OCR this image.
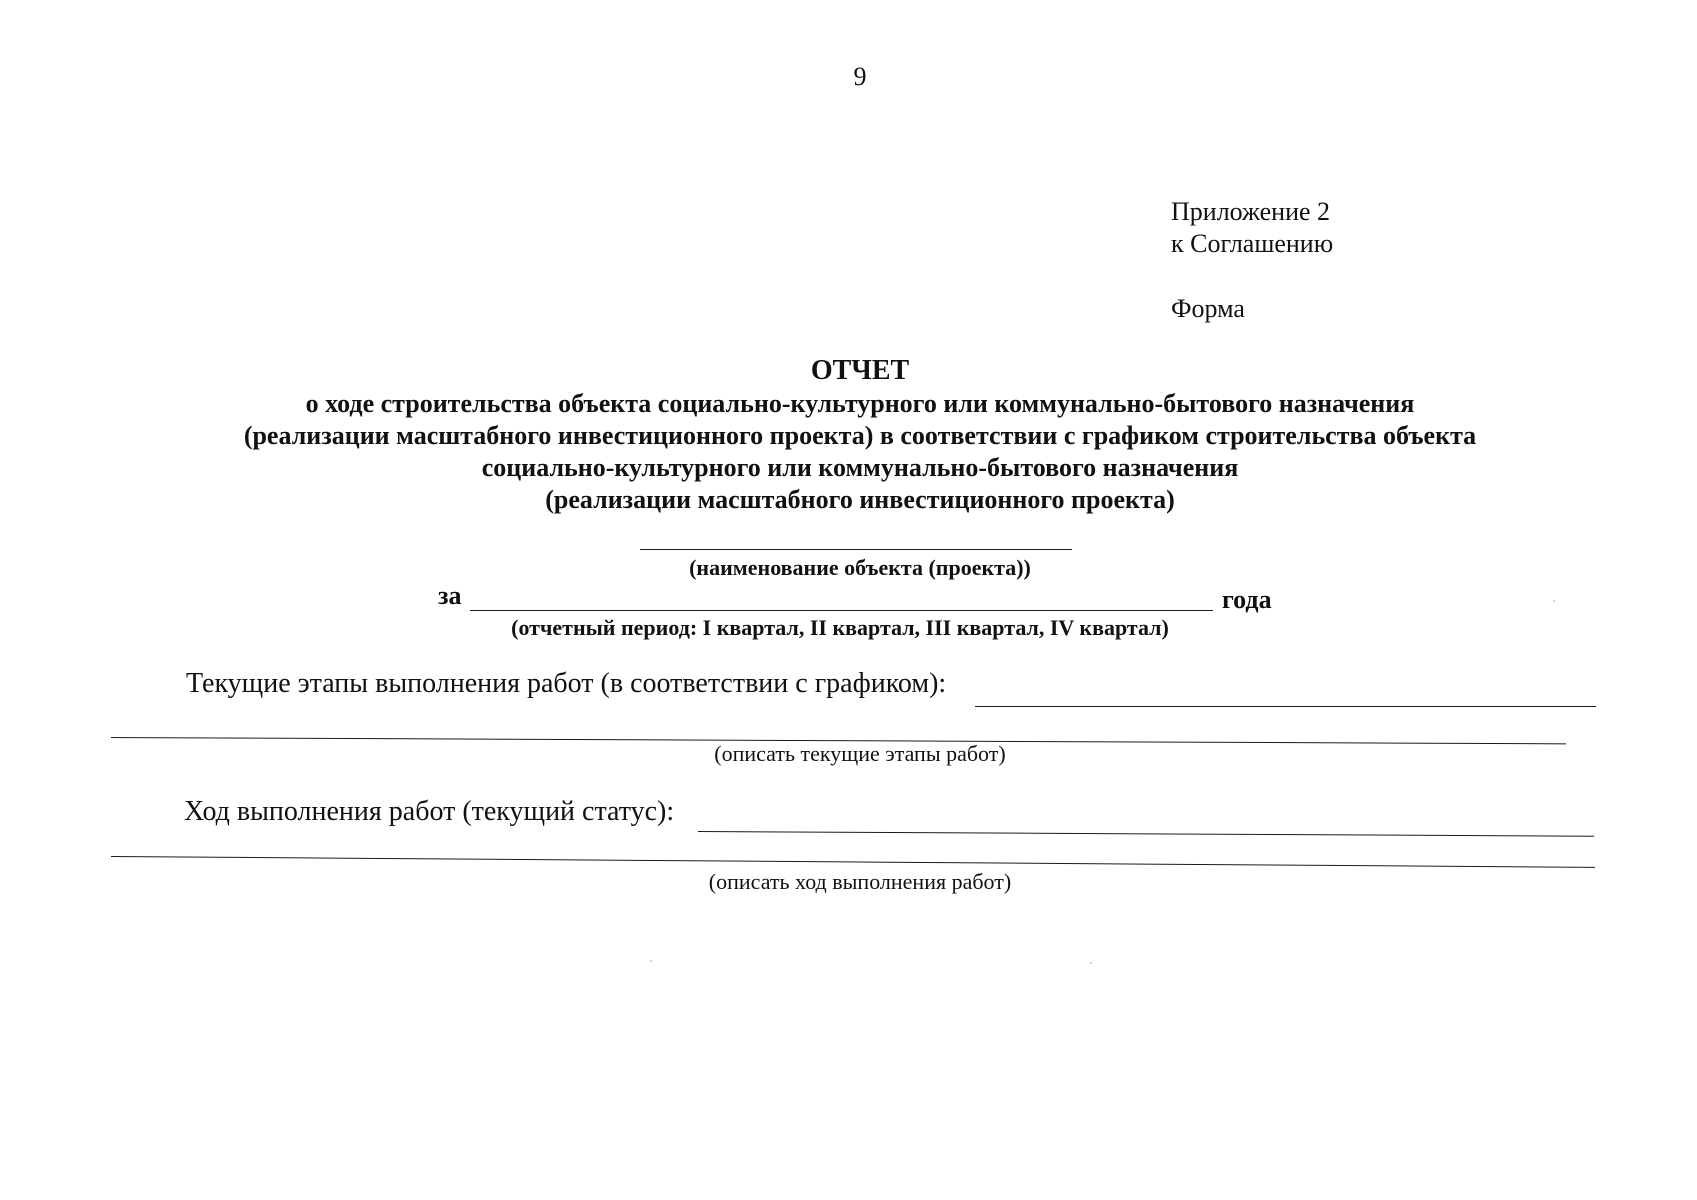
9
Приложение 2
к Соглашению
Форма
ОТЧЕТ
о ходе строительства объекта социально-культурного или коммунально-бытового назначения
(реализации масштабного инвестиционного проекта) в соответствии с графиком строительства объекта
социально-культурного или коммунально-бытового назначения
(реализации масштабного инвестиционного проекта)
(наименование объекта (проекта))
за	года
(отчетный период: I квартал, II квартал, III квартал, IV квартал)
Текущие этапы выполнения работ (в соответствии с графиком):
(описать текущие этапы работ)
Ход выполнения работ (текущий статус):
(описать ход выполнения работ)
